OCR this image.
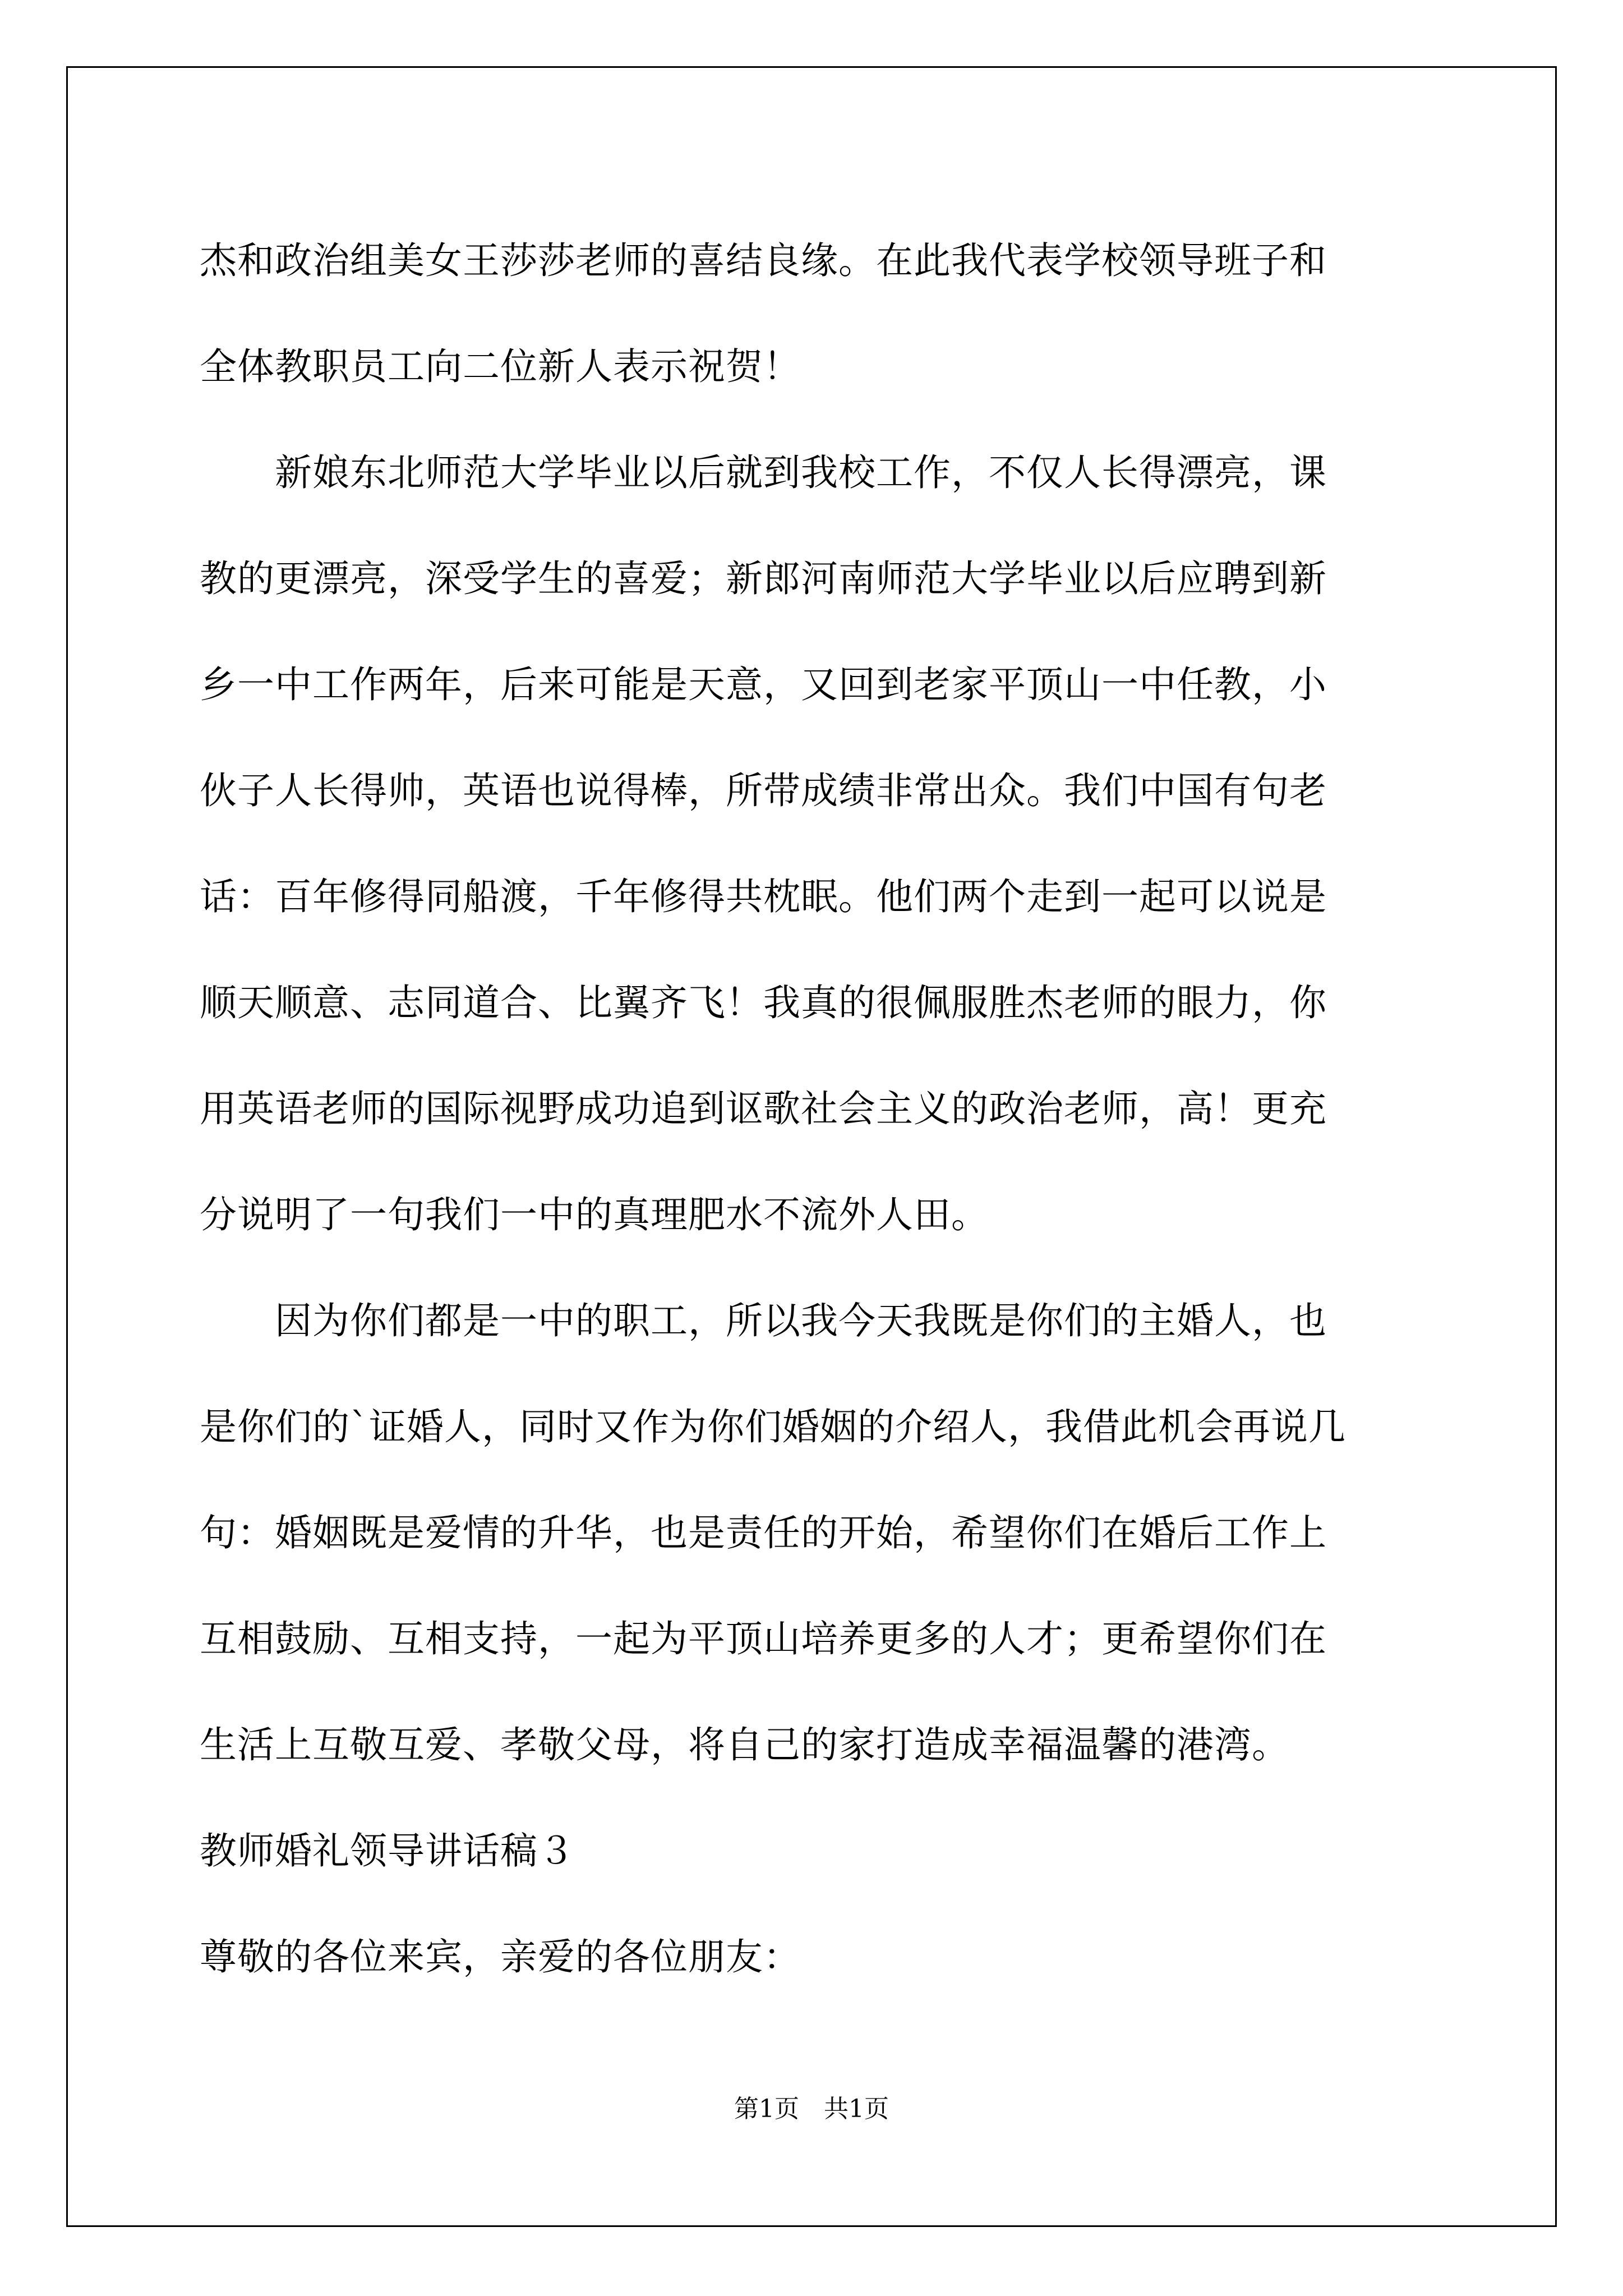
杰和政治组美女王莎莎老师的喜结良缘。在此我代表学校领导班子和
全体教职员工向二位新人表示祝贺！
　　新娘东北师范大学毕业以后就到我校工作，不仅人长得漂亮，课
教的更漂亮，深受学生的喜爱；新郎河南师范大学毕业以后应聘到新
乡一中工作两年，后来可能是天意，又回到老家平顶山一中任教，小
伙子人长得帅，英语也说得棒，所带成绩非常出众。我们中国有句老
话：百年修得同船渡，千年修得共枕眠。他们两个走到一起可以说是
顺天顺意、志同道合、比翼齐飞！我真的很佩服胜杰老师的眼力，你
用英语老师的国际视野成功追到讴歌社会主义的政治老师，高！更充
分说明了一句我们一中的真理肥水不流外人田。
　　因为你们都是一中的职工，所以我今天我既是你们的主婚人，也
是你们的`证婚人，同时又作为你们婚姻的介绍人，我借此机会再说几
句：婚姻既是爱情的升华，也是责任的开始，希望你们在婚后工作上
互相鼓励、互相支持，一起为平顶山培养更多的人才；更希望你们在
生活上互敬互爱、孝敬父母，将自己的家打造成幸福温馨的港湾。
教师婚礼领导讲话稿３
尊敬的各位来宾，亲爱的各位朋友：
第1页　共1页
